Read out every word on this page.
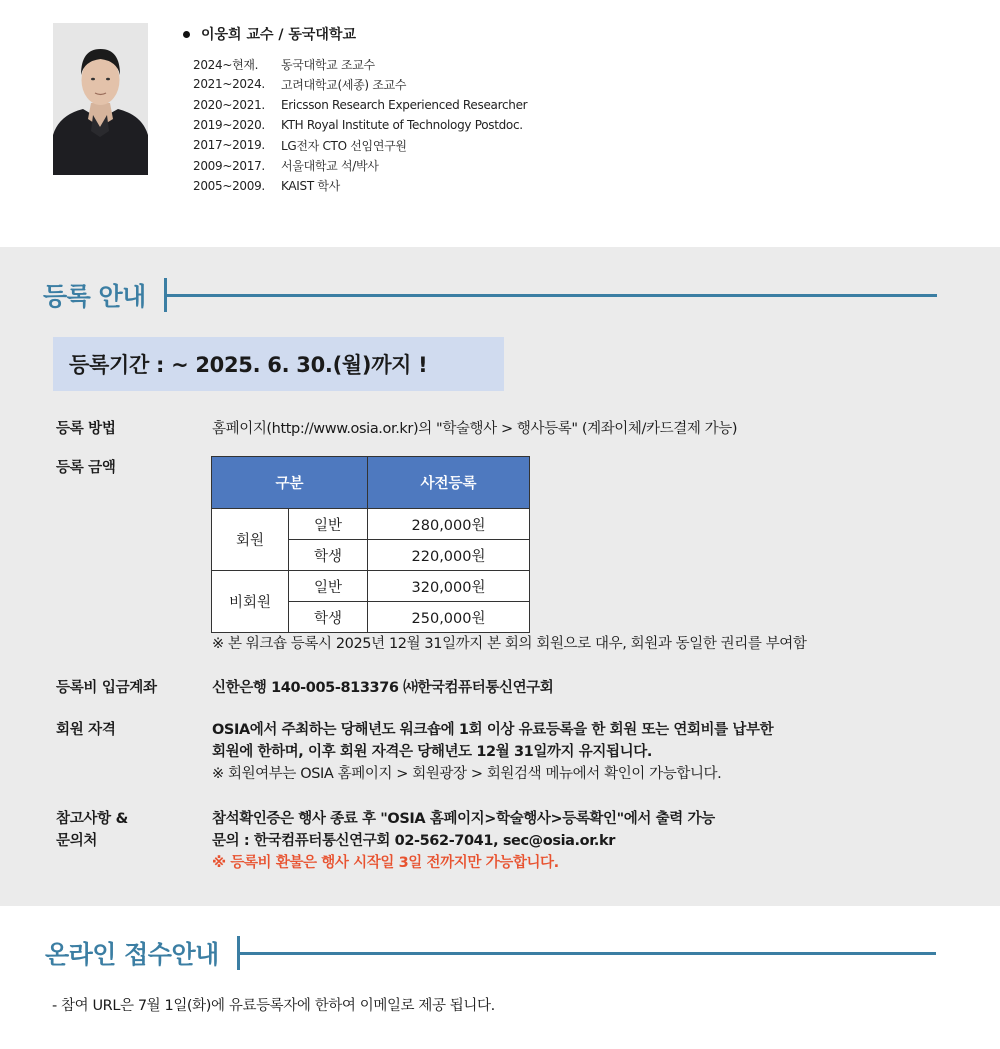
이웅희 교수 / 동국대학교
2024~현재.	동국대학교 조교수
2021~2024.	고려대학교(세종) 조교수
2020~2021.	Ericsson Research Experienced Researcher
2019~2020.	KTH Royal Institute of Technology Postdoc.
2017~2019.	LG전자 CTO 선임연구원
2009~2017.	서울대학교 석/박사
2005~2009.	KAIST 학사
등록 안내
등록기간 : ~ 2025. 6. 30.(월)까지 !
등록 방법	홈페이지(http://www.osia.or.kr)의 "학술행사 > 행사등록" (계좌이체/카드결제 가능)
등록 금액
구분		사전등록
회원	일반	280,000원
	학생	220,000원
비회원	일반	320,000원
	학생	250,000원
※ 본 워크숍 등록시 2025년 12월 31일까지 본 회의 회원으로 대우, 회원과 동일한 권리를 부여함
등록비 입금계좌	신한은행 140-005-813376 ㈔한국컴퓨터통신연구회
회원 자격	OSIA에서 주최하는 당해년도 워크숍에 1회 이상 유료등록을 한 회원 또는 연회비를 납부한
회원에 한하며, 이후 회원 자격은 당해년도 12월 31일까지 유지됩니다.
※ 회원여부는 OSIA 홈페이지 > 회원광장 > 회원검색 메뉴에서 확인이 가능합니다.
참고사항 &
문의처
참석확인증은 행사 종료 후 "OSIA 홈페이지>학술행사>등록확인"에서 출력 가능
문의 : 한국컴퓨터통신연구회 02-562-7041, sec@osia.or.kr
※ 등록비 환불은 행사 시작일 3일 전까지만 가능합니다.
온라인 접수안내
- 참여 URL은 7월 1일(화)에 유료등록자에 한하여 이메일로 제공 됩니다.
